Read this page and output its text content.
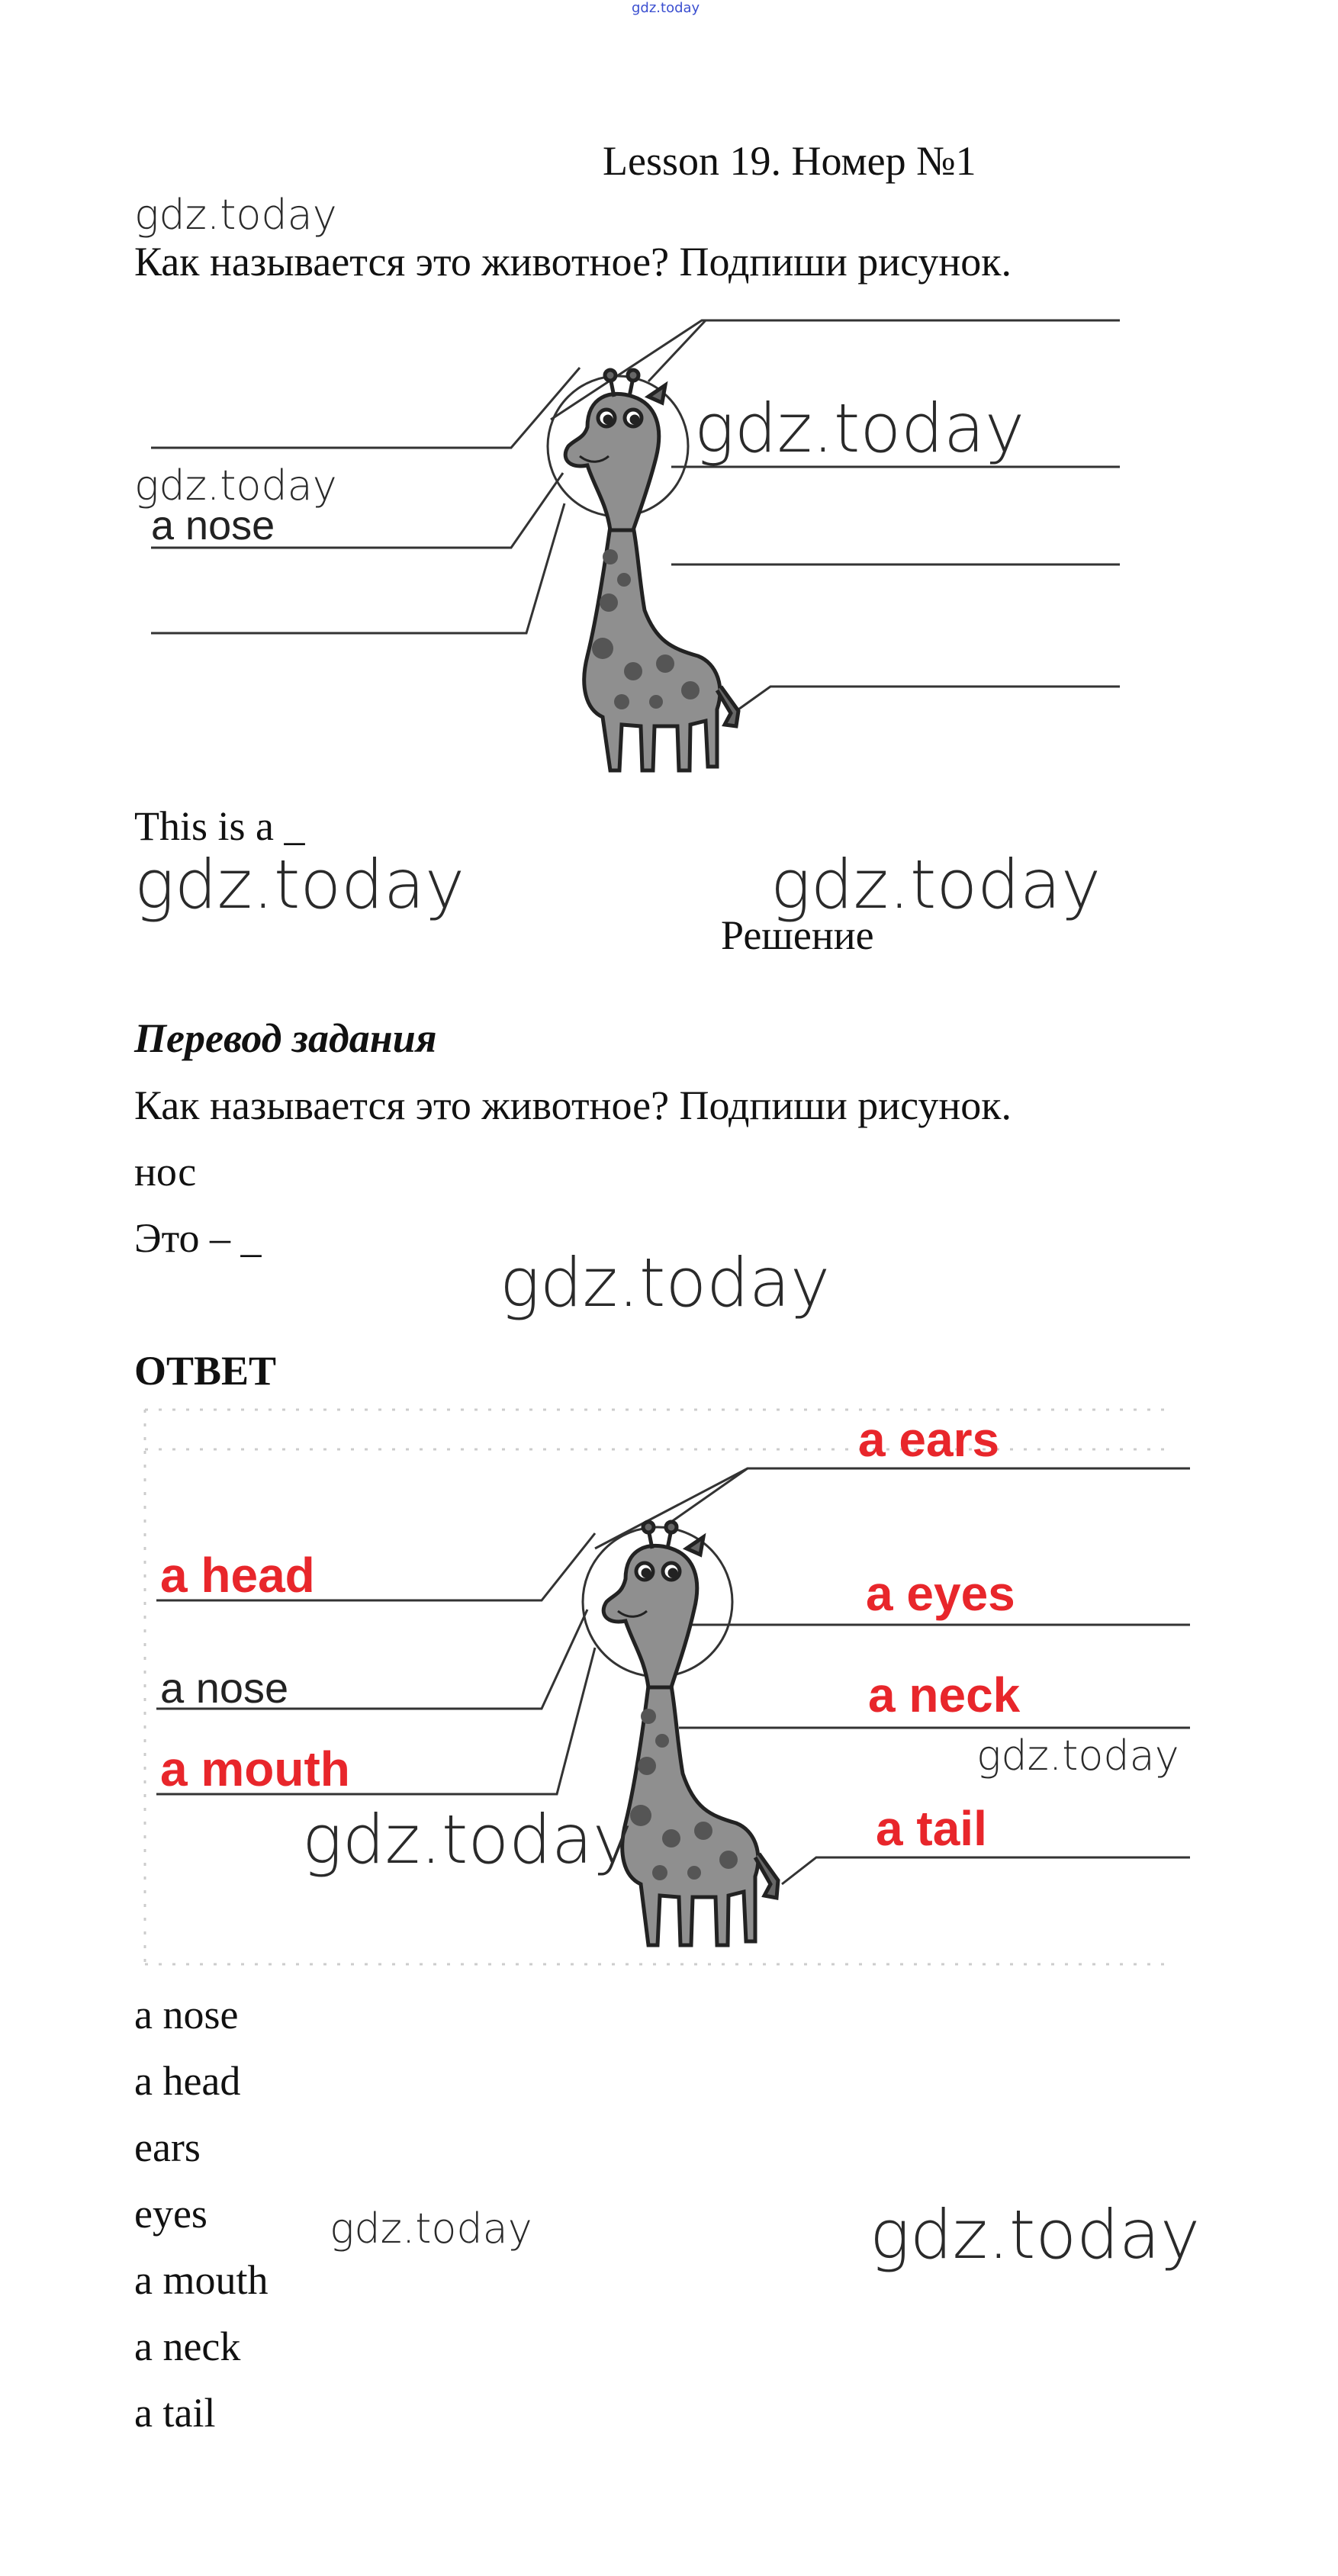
gdz.today
Lesson 19. Номер №1
gdz.today
Как называется это животное? Подпиши рисунок.
gdz.today
gdz.today
a nose
This is a _
gdz.today	gdz.today
Решение
Перевод задания
Как называется это животное? Подпиши рисунок.
нос
Это – _
gdz.today
ОТВЕТ
a ears
a head	a eyes
a nose	a neck
a mouth
a tail
gdz.today
gdz.today
a nose
a head
ears
eyes
a mouth
a neck
a tail
gdz.today	gdz.today
